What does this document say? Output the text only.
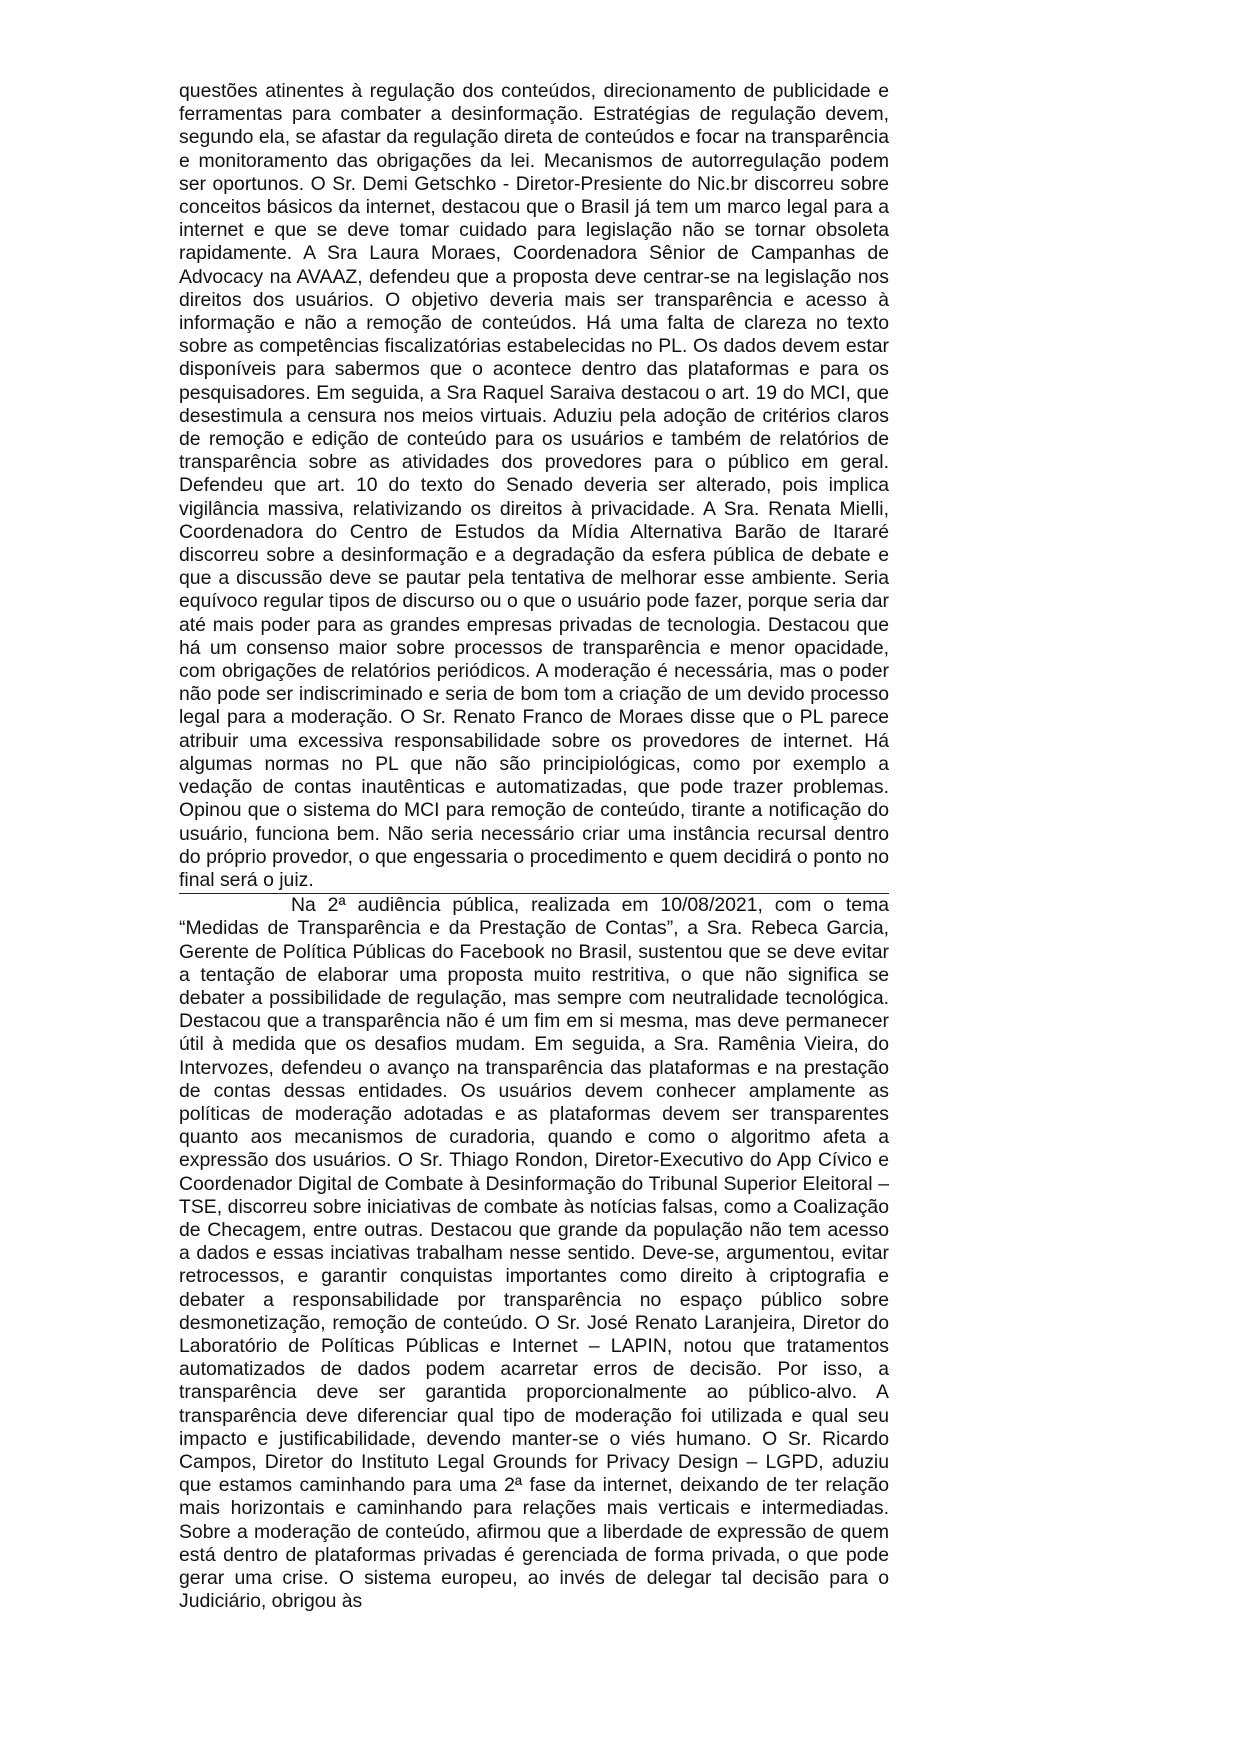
questões atinentes à regulação dos conteúdos, direcionamento de publicidade e ferramentas para combater a desinformação. Estratégias de regulação devem, segundo ela, se afastar da regulação direta de conteúdos e focar na transparência e monitoramento das obrigações da lei. Mecanismos de autorregulação podem ser oportunos. O Sr. Demi Getschko - Diretor-Presiente do Nic.br discorreu sobre conceitos básicos da internet, destacou que o Brasil já tem um marco legal para a internet e que se deve tomar cuidado para legislação não se tornar obsoleta rapidamente. A Sra Laura Moraes, Coordenadora Sênior de Campanhas de Advocacy na AVAAZ, defendeu que a proposta deve centrar-se na legislação nos direitos dos usuários. O objetivo deveria mais ser transparência e acesso à informação e não a remoção de conteúdos. Há uma falta de clareza no texto sobre as competências fiscalizatórias estabelecidas no PL. Os dados devem estar disponíveis para sabermos que o acontece dentro das plataformas e para os pesquisadores. Em seguida, a Sra Raquel Saraiva destacou o art. 19 do MCI, que desestimula a censura nos meios virtuais. Aduziu pela adoção de critérios claros de remoção e edição de conteúdo para os usuários e também de relatórios de transparência sobre as atividades dos provedores para o público em geral. Defendeu que art. 10 do texto do Senado deveria ser alterado, pois implica vigilância massiva, relativizando os direitos à privacidade. A Sra. Renata Mielli, Coordenadora do Centro de Estudos da Mídia Alternativa Barão de Itararé discorreu sobre a desinformação e a degradação da esfera pública de debate e que a discussão deve se pautar pela tentativa de melhorar esse ambiente. Seria equívoco regular tipos de discurso ou o que o usuário pode fazer, porque seria dar até mais poder para as grandes empresas privadas de tecnologia. Destacou que há um consenso maior sobre processos de transparência e menor opacidade, com obrigações de relatórios periódicos. A moderação é necessária, mas o poder não pode ser indiscriminado e seria de bom tom a criação de um devido processo legal para a moderação. O Sr. Renato Franco de Moraes disse que o PL parece atribuir uma excessiva responsabilidade sobre os provedores de internet. Há algumas normas no PL que não são principiológicas, como por exemplo a vedação de contas inautênticas e automatizadas, que pode trazer problemas. Opinou que o sistema do MCI para remoção de conteúdo, tirante a notificação do usuário, funciona bem. Não seria necessário criar uma instância recursal dentro do próprio provedor, o que engessaria o procedimento e quem decidirá o ponto no final será o juiz.

Na 2ª audiência pública, realizada em 10/08/2021, com o tema “Medidas de Transparência e da Prestação de Contas”, a Sra. Rebeca Garcia, Gerente de Política Públicas do Facebook no Brasil, sustentou que se deve evitar a tentação de elaborar uma proposta muito restritiva, o que não significa se debater a possibilidade de regulação, mas sempre com neutralidade tecnológica. Destacou que a transparência não é um fim em si mesma, mas deve permanecer útil à medida que os desafios mudam. Em seguida, a Sra. Ramênia Vieira, do Intervozes, defendeu o avanço na transparência das plataformas e na prestação de contas dessas entidades. Os usuários devem conhecer amplamente as políticas de moderação adotadas e as plataformas devem ser transparentes quanto aos mecanismos de curadoria, quando e como o algoritmo afeta a expressão dos usuários. O Sr. Thiago Rondon, Diretor-Executivo do App Cívico e Coordenador Digital de Combate à Desinformação do Tribunal Superior Eleitoral – TSE, discorreu sobre iniciativas de combate às notícias falsas, como a Coalização de Checagem, entre outras. Destacou que grande da população não tem acesso a dados e essas inciativas trabalham nesse sentido. Deve-se, argumentou, evitar retrocessos, e garantir conquistas importantes como direito à criptografia e debater a responsabilidade por transparência no espaço público sobre desmonetização, remoção de conteúdo. O Sr. José Renato Laranjeira, Diretor do Laboratório de Políticas Públicas e Internet – LAPIN, notou que tratamentos automatizados de dados podem acarretar erros de decisão. Por isso, a transparência deve ser garantida proporcionalmente ao público-alvo. A transparência deve diferenciar qual tipo de moderação foi utilizada e qual seu impacto e justificabilidade, devendo manter-se o viés humano. O Sr. Ricardo Campos, Diretor do Instituto Legal Grounds for Privacy Design – LGPD, aduziu que estamos caminhando para uma 2ª fase da internet, deixando de ter relação mais horizontais e caminhando para relações mais verticais e intermediadas. Sobre a moderação de conteúdo, afirmou que a liberdade de expressão de quem está dentro de plataformas privadas é gerenciada de forma privada, o que pode gerar uma crise. O sistema europeu, ao invés de delegar tal decisão para o Judiciário, obrigou às
